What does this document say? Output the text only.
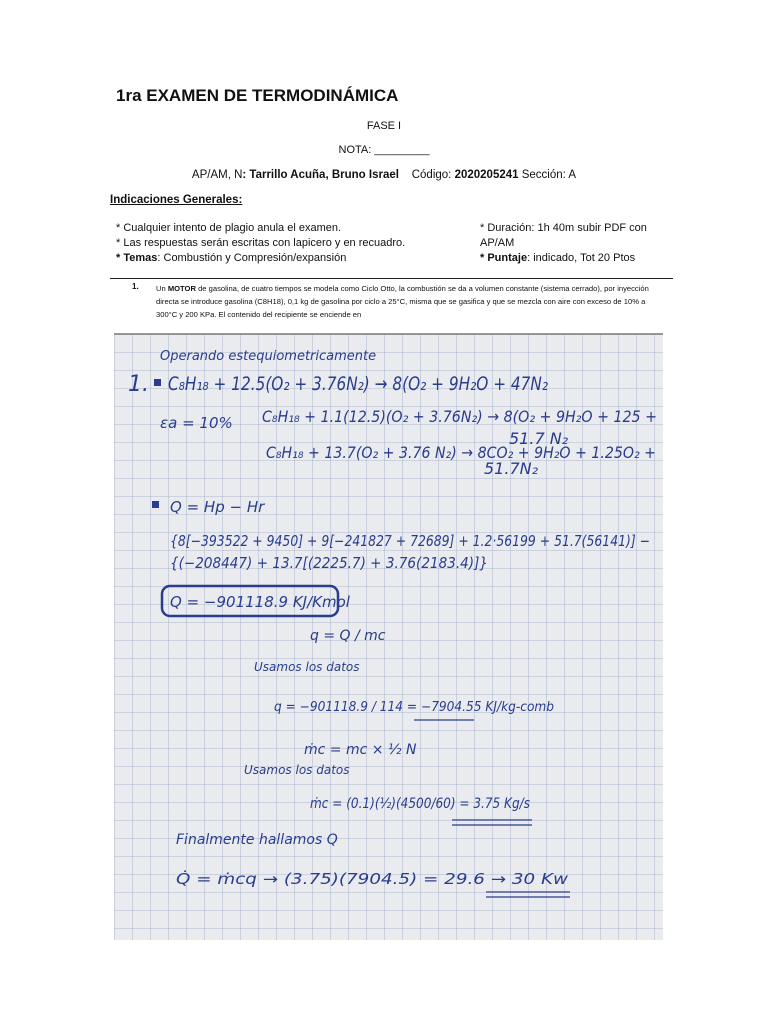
1ra EXAMEN DE TERMODINÁMICA
FASE I
NOTA: _________
AP/AM, N: Tarrillo Acuña, Bruno Israel Código: 2020205241 Sección: A
Indicaciones Generales:
* Cualquier intento de plagio anula el examen.
* Las respuestas serán escritas con lapicero y en recuadro.
* Temas: Combustión y Compresión/expansión
* Duración: 1h 40m subir PDF con
AP/AM
* Puntaje: indicado, Tot 20 Ptos
1. Un MOTOR de gasolina, de cuatro tiempos se modela como Ciclo Otto, la combustión se da a volumen constante (sistema cerrado), por inyección directa se introduce gasolina (C8H18), 0,1 kg de gasolina por ciclo a 25°C, misma que se gasifica y que se mezcla con aire con exceso de 10% a 300°C y 200 KPa. El contenido del recipiente se enciende en
Operando estequiometricamente
1. C₈H₁₈ + 12.5(O₂ + 3.76N₂) → 8(O₂ + 9H₂O + 47N₂
εa = 10% C₈H₁₈ + 1.1(12.5)(O₂ + 3.76N₂) → 8(O₂ + 9H₂O + 125 +
51.7 N₂
C₈H₁₈ + 13.7(O₂ + 3.76 N₂) → 8CO₂ + 9H₂O + 1.25O₂ +
51.7N₂
Q = Hp − Hr
{8[−393522 + 9450] + 9[−241827 + 72689] + 1.2·56199 + 51.7(56141)] −
{(−208447) + 13.7[(2225.7) + 3.76(2183.4)]}
Q = −901118.9 KJ/Kmol
q = Q / mc
Usamos los datos
q = −901118.9 / 114 = −7904.55 KJ/kg-comb
ṁc = mc × ½ N
Usamos los datos
ṁc = (0.1)(½)(4500/60) = 3.75 Kg/s
Finalmente hallamos Q
Q̇ = ṁcq → (3.75)(7904.5) = 29.6 → 30 Kw
